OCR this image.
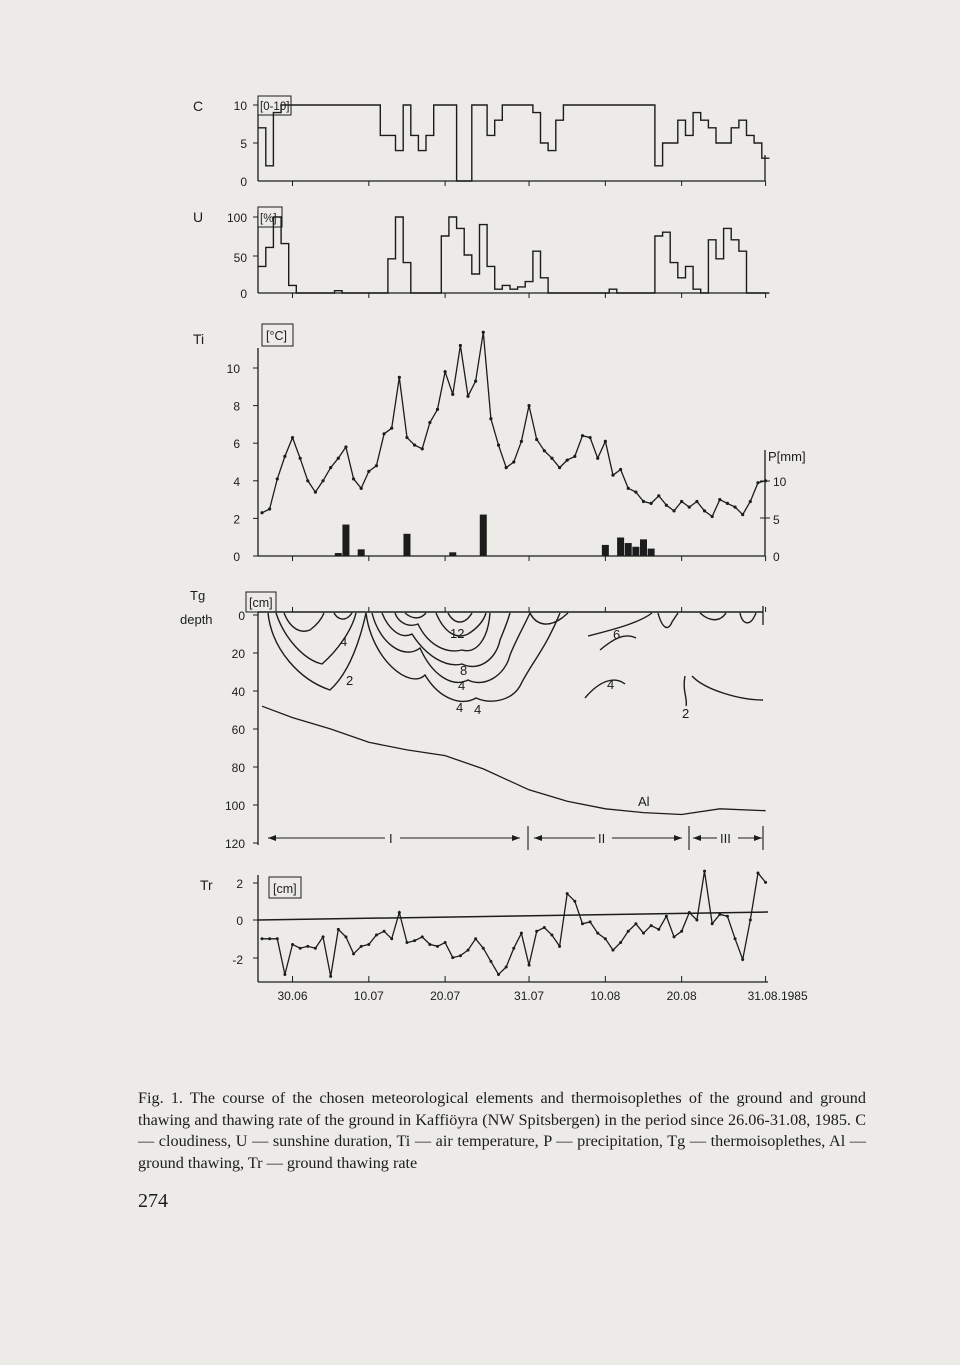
C
0
5
10 [0-10]
U
0
50
100 [%]
Ti	[°C]
0
2
4
6
8
10
P[mm]
10
5
0
Tg
depth
[cm]
0
20
40
60
80
100
120
12
8
6
4
4 4
4
4
2
2
Al
I	II	III
Tr	[cm]
2
0
-2
30.06	10.07	20.07	31.07	10.08	20.08	31.08.1985

Fig. 1. The course of the chosen meteorological elements and thermoisoplethes of the ground and ground thawing and thawing rate of the ground in Kaffiöyra (NW Spitsbergen) in the period since 26.06-31.08, 1985. C — cloudiness, U — sunshine duration, Ti — air temperature, P — precipitation, Tg — thermoisoplethes, Al — ground thawing, Tr — ground thawing rate

274
